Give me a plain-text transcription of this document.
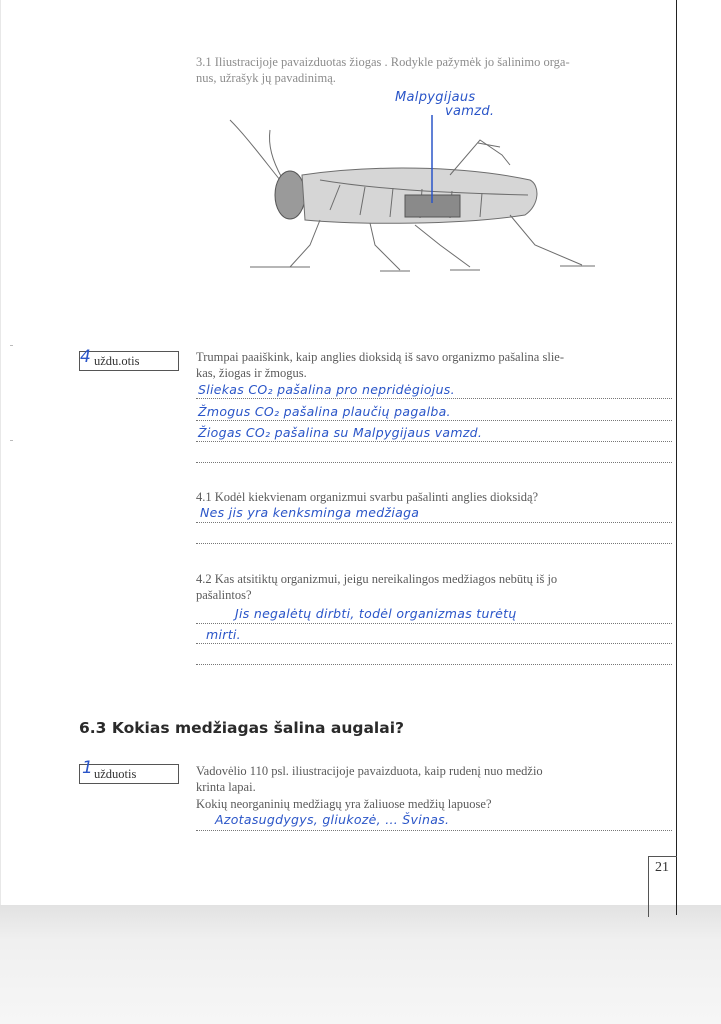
3.1 Iliustracijoje pavaizduotas žiogas . Rodykle pažymėk jo šalinimo orga-
nus, užrašyk jų pavadinimą.
Malpygijaus
vamzd.
uždu.otis
4	Trumpai paaiškink, kaip anglies dioksidą iš savo organizmo pašalina slie-
kas, žiogas ir žmogus.
Sliekas CO₂ pašalina pro nepridėgiojus.
Žmogus CO₂ pašalina plaučių pagalba.
Žiogas CO₂ pašalina su Malpygijaus vamzd.
4.1 Kodėl kiekvienam organizmui svarbu pašalinti anglies dioksidą?
Nes jis yra kenksminga medžiaga
4.2 Kas atsitiktų organizmui, jeigu nereikalingos medžiagos nebūtų iš jo
pašalintos?
Jis negalėtų dirbti, todėl organizmas turėtų
mirti.
6.3 Kokias medžiagas šalina augalai?
užduotis
1	Vadovėlio 110 psl. iliustracijoje pavaizduota, kaip rudenį nuo medžio
krinta lapai.
Kokių neorganinių medžiagų yra žaliuose medžių lapuose?
Azotasugdygys, gliukozė, ... Švinas.
21
